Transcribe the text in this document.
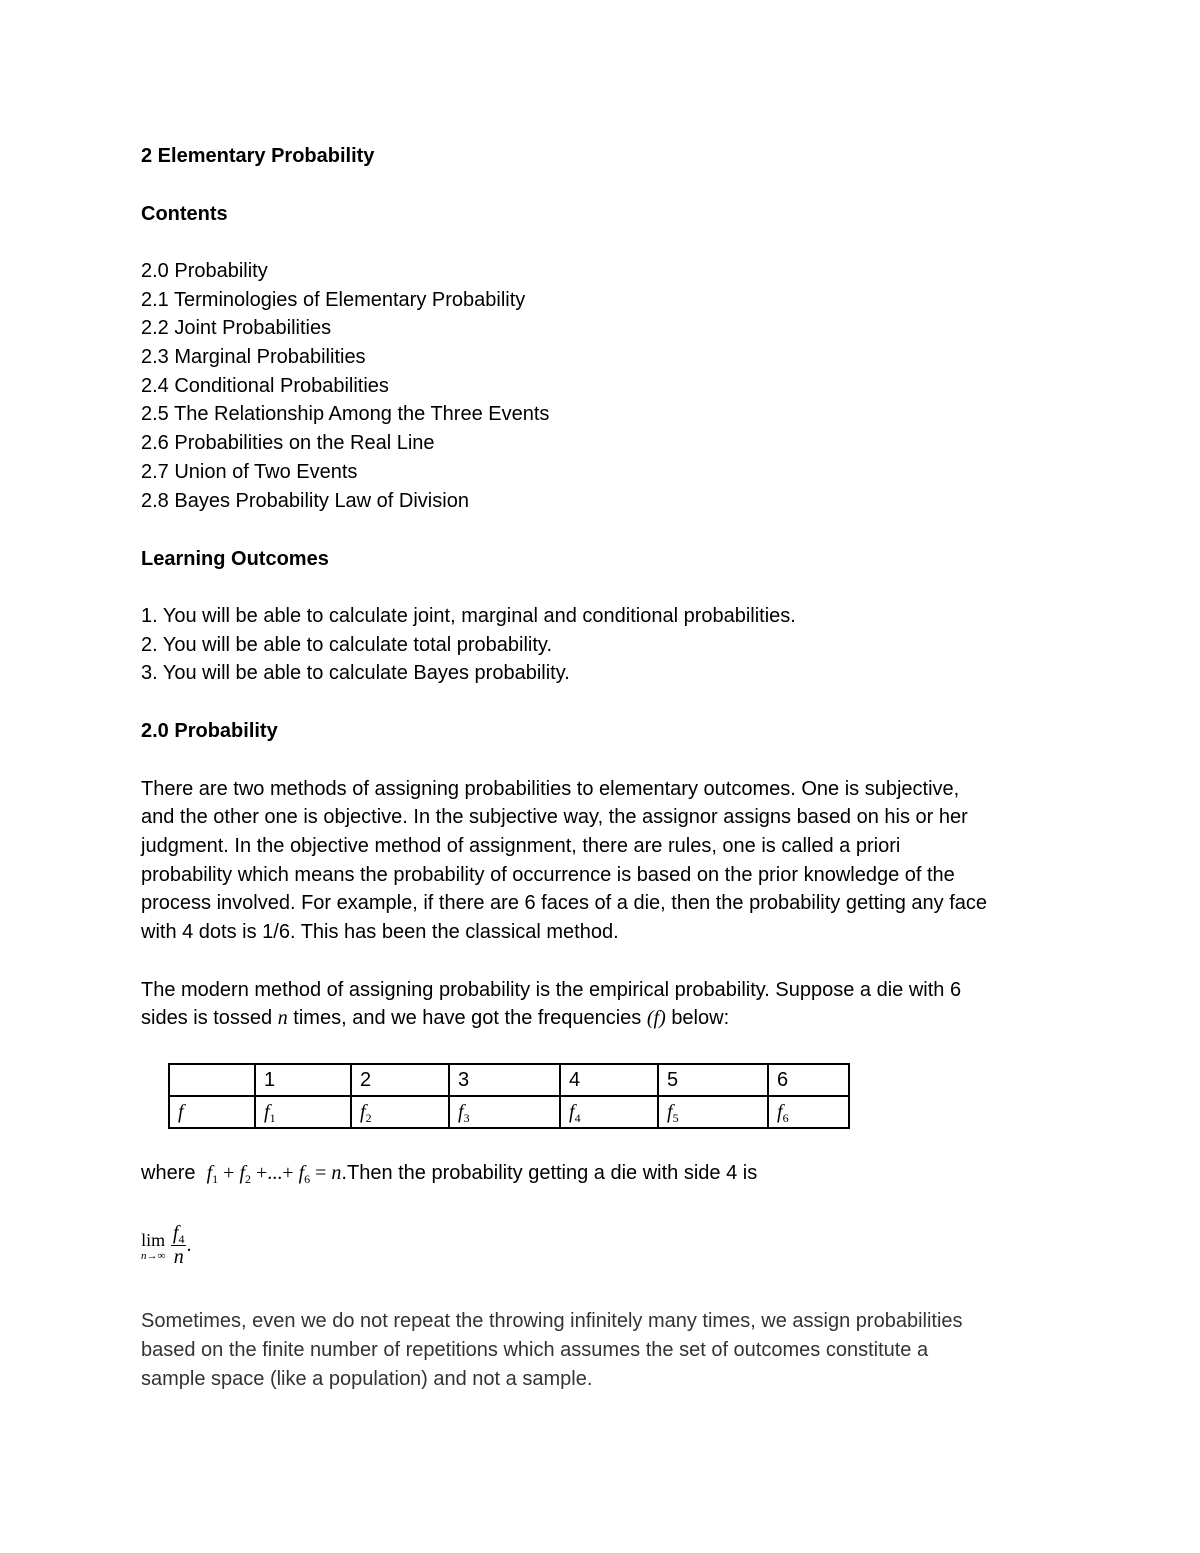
2 Elementary Probability
Contents
2.0 Probability
2.1 Terminologies of Elementary Probability
2.2 Joint Probabilities
2.3 Marginal Probabilities
2.4 Conditional Probabilities
2.5 The Relationship Among the Three Events
2.6 Probabilities on the Real Line
2.7 Union of Two Events
2.8 Bayes Probability Law of Division
Learning Outcomes
1. You will be able to calculate joint, marginal and conditional probabilities.
2. You will be able to calculate total probability.
3. You will be able to calculate Bayes probability.
2.0 Probability
There are two methods of assigning probabilities to elementary outcomes. One is subjective,
and the other one is objective. In the subjective way, the assignor assigns based on his or her
judgment. In the objective method of assignment, there are rules, one is called a priori
probability which means the probability of occurrence is based on the prior knowledge of the
process involved. For example, if there are 6 faces of a die, then the probability getting any face
with 4 dots is 1/6. This has been the classical method.
The modern method of assigning probability is the empirical probability. Suppose a die with 6
sides is tossed n times, and we have got the frequencies (f) below:
	1	2	3	4	5	6
f	$f_1$	$f_2$	$f_3$	$f_4$	$f_5$	$f_6$
where $f_1 + f_2$ +...+ $f_6$ = n.Then the probability getting a die with side 4 is
lim
n→∞
$\frac{f_4}{n}$ .
Sometimes, even we do not repeat the throwing infinitely many times, we assign probabilities
based on the finite number of repetitions which assumes the set of outcomes constitute a
sample space (like a population) and not a sample.
